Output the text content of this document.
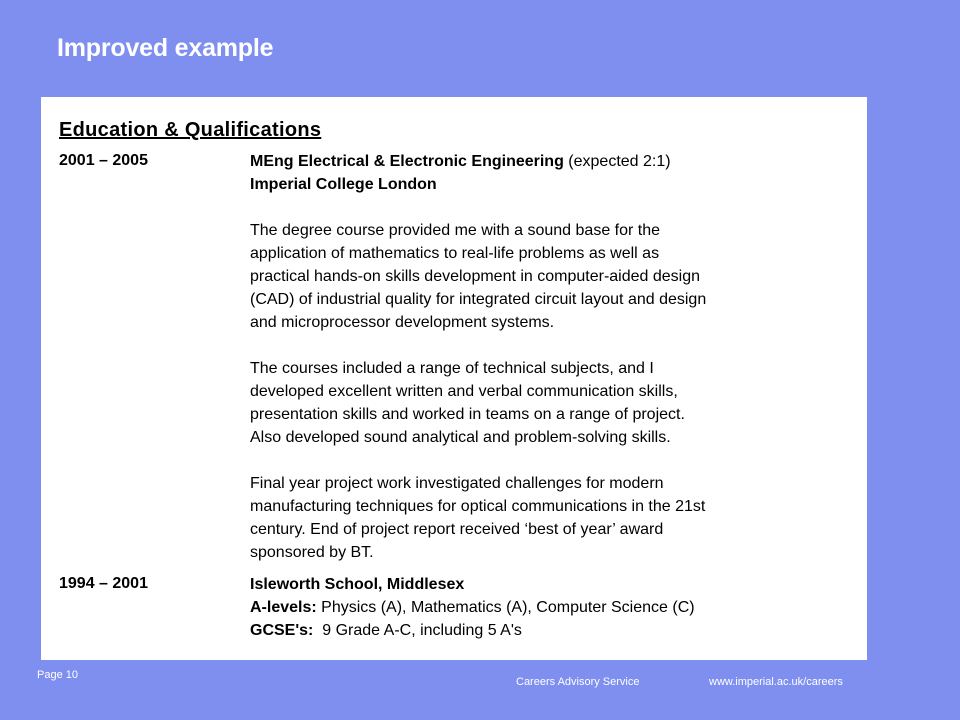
Improved example
Education & Qualifications
2001 – 2005	MEng Electrical & Electronic Engineering (expected 2:1)
Imperial College London
The degree course provided me with a sound base for the
application of mathematics to real-life problems as well as
practical hands-on skills development in computer-aided design
(CAD) of industrial quality for integrated circuit layout and design
and microprocessor development systems.
The courses included a range of technical subjects, and I
developed excellent written and verbal communication skills,
presentation skills and worked in teams on a range of project.
Also developed sound analytical and problem-solving skills.
Final year project work investigated challenges for modern
manufacturing techniques for optical communications in the 21st
century. End of project report received ‘best of year’ award
sponsored by BT.
1994 – 2001	Isleworth School, Middlesex
A-levels: Physics (A), Mathematics (A), Computer Science (C)
GCSE's:  9 Grade A-C, including 5 A's
Page 10
Careers Advisory Service	www.imperial.ac.uk/careers
